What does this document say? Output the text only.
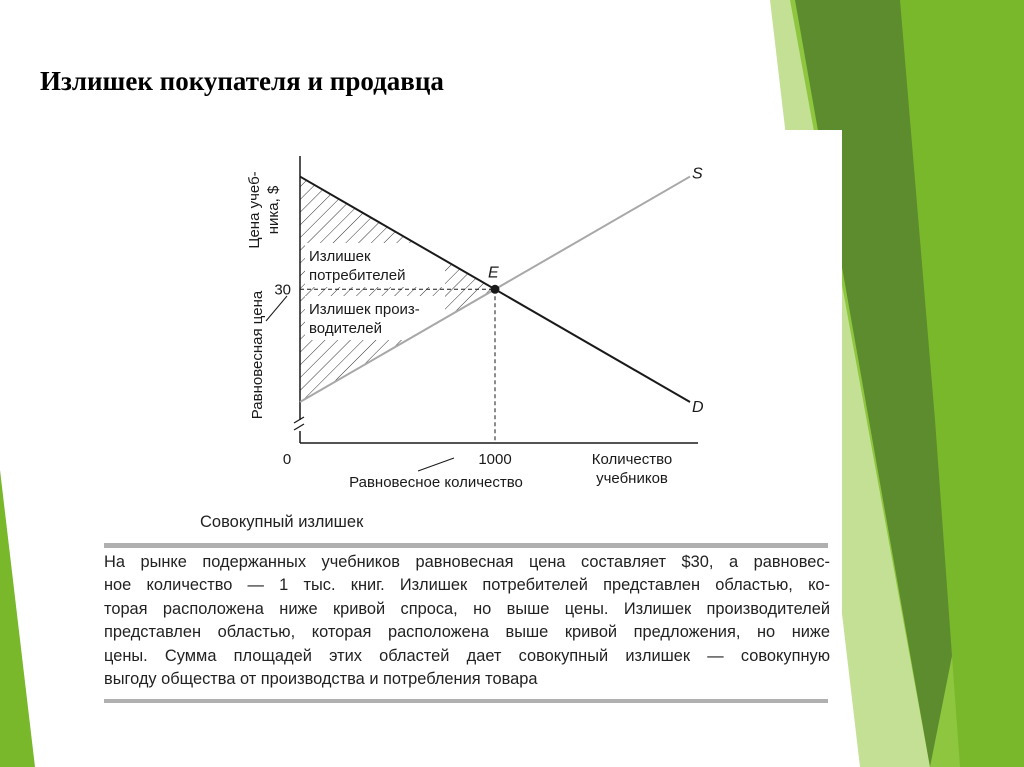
Излишек покупателя и продавца
S
D
E
Излишек
потребителей
Излишек произ-
водителей
30
0	1000	Количество
учебников
Цена учеб- ника, $
Равновесная цена
Равновесное количество
Совокупный излишек
На рынке подержанных учебников равновесная цена составляет $30, а равновес-
ное количество — 1 тыс. книг. Излишек потребителей представлен областью, ко-
торая расположена ниже кривой спроса, но выше цены. Излишек производителей
представлен областью, которая расположена выше кривой предложения, но ниже
цены. Сумма площадей этих областей дает совокупный излишек — совокупную
выгоду общества от производства и потребления товара
